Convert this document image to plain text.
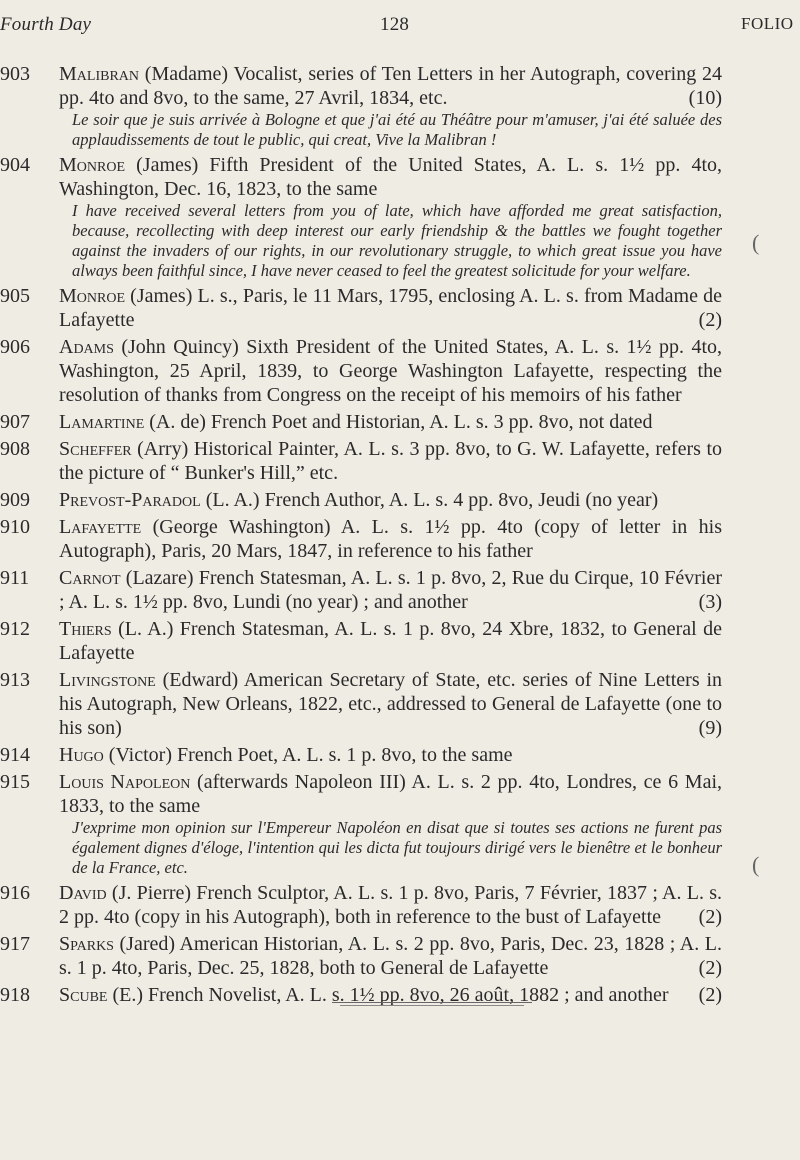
Fourth Day	128	FOLIO
903 Malibran (Madame) Vocalist, series of Ten Letters in her Autograph, covering 24 pp. 4to and 8vo, to the same, 27 Avril, 1834, etc.	(10)

Le soir que je suis arrivée à Bologne et que j'ai été au Théâtre pour m'amuser, j'ai été saluée des applaudissements de tout le public, qui creat, Vive la Malibran !

904 Monroe (James) Fifth President of the United States, A. L. s. 1½ pp. 4to, Washington, Dec. 16, 1823, to the same

I have received several letters from you of late, which have afforded me great satisfaction, because, recollecting with deep interest our early friendship & the battles we fought together against the invaders of our rights, in our revolutionary struggle, to which great issue you have always been faithful since, I have never ceased to feel the greatest solicitude for your welfare.

905 Monroe (James) L. s., Paris, le 11 Mars, 1795, enclosing A. L. s. from Madame de Lafayette	(2)

906 Adams (John Quincy) Sixth President of the United States, A. L. s. 1½ pp. 4to, Washington, 25 April, 1839, to George Washington Lafayette, respecting the resolution of thanks from Congress on the receipt of his memoirs of his father

907 Lamartine (A. de) French Poet and Historian, A. L. s. 3 pp. 8vo, not dated

908 Scheffer (Arry) Historical Painter, A. L. s. 3 pp. 8vo, to G. W. Lafayette, refers to the picture of “ Bunker's Hill,” etc.

909 Prevost-Paradol (L. A.) French Author, A. L. s. 4 pp. 8vo, Jeudi (no year)

910 Lafayette (George Washington) A. L. s. 1½ pp. 4to (copy of letter in his Autograph), Paris, 20 Mars, 1847, in reference to his father

911 Carnot (Lazare) French Statesman, A. L. s. 1 p. 8vo, 2, Rue du Cirque, 10 Février ; A. L. s. 1½ pp. 8vo, Lundi (no year) ; and another	(3)

912 Thiers (L. A.) French Statesman, A. L. s. 1 p. 8vo, 24 Xbre, 1832, to General de Lafayette

913 Livingstone (Edward) American Secretary of State, etc. series of Nine Letters in his Autograph, New Orleans, 1822, etc., addressed to General de Lafayette (one to his son)	(9)

914 Hugo (Victor) French Poet, A. L. s. 1 p. 8vo, to the same

915 Louis Napoleon (afterwards Napoleon III) A. L. s. 2 pp. 4to, Londres, ce 6 Mai, 1833, to the same

J'exprime mon opinion sur l'Empereur Napoléon en disat que si toutes ses actions ne furent pas également dignes d'éloge, l'intention qui les dicta fut toujours dirigé vers le bienêtre et le bonheur de la France, etc.

916 David (J. Pierre) French Sculptor, A. L. s. 1 p. 8vo, Paris, 7 Février, 1837 ; A. L. s. 2 pp. 4to (copy in his Autograph), both in reference to the bust of Lafayette (2)

917 Sparks (Jared) American Historian, A. L. s. 2 pp. 8vo, Paris, Dec. 23, 1828 ; A. L. s. 1 p. 4to, Paris, Dec. 25, 1828, both to General de Lafayette	(2)

918 Scube (E.) French Novelist, A. L. s. 1½ pp. 8vo, 26 août, 1882 ; and another (2)

(
(
